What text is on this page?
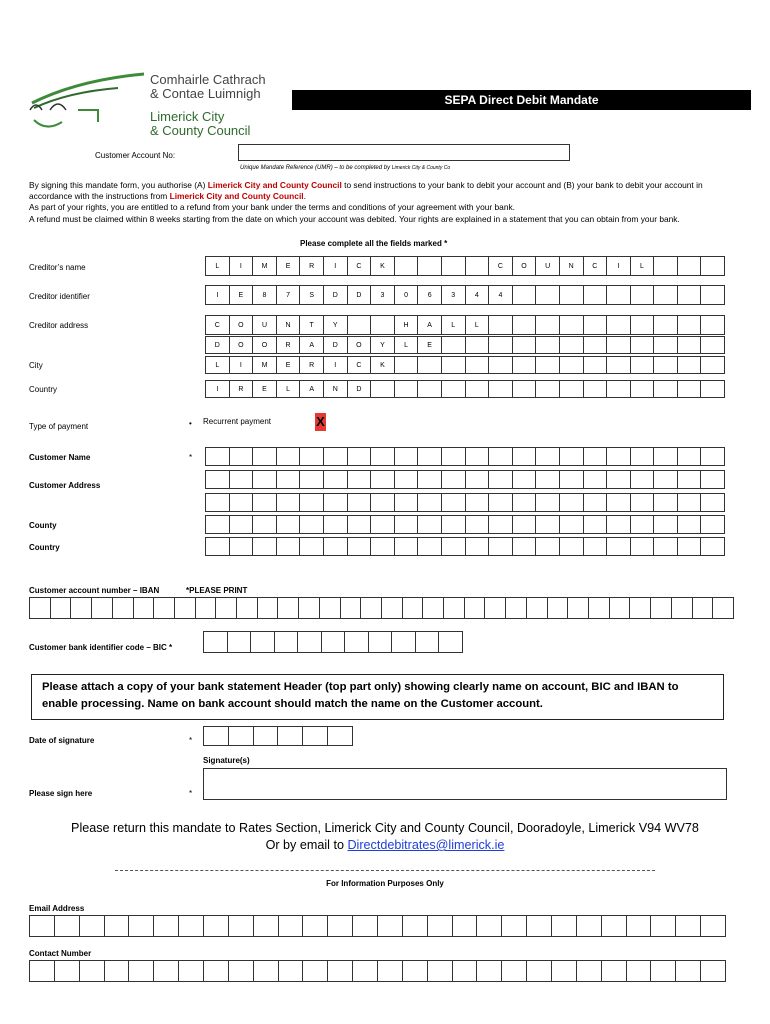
Comhairle Cathrach
& Contae Luimnigh
Limerick City
& County Council
SEPA Direct Debit Mandate
Customer Account No:
Unique Mandate Reference (UMR) – to be completed by Limerick City & County Co
By signing this mandate form, you authorise (A) Limerick City and County Council to send instructions to your bank to debit your account and (B) your bank to debit your account in accordance with the instructions from Limerick City and County Council.
As part of your rights, you are entitled to a refund from your bank under the terms and conditions of your agreement with your bank.
A refund must be claimed within 8 weeks starting from the date on which your account was debited. Your rights are explained in a statement that you can obtain from your bank.
Please complete all the fields marked *
Creditor’s name	L	I	M	E	R	I	C	K	C	O	U	N	C	I	L
Creditor identifier	I	E	8	7	S	D	D	3	0	6	3	4	4
Creditor address	C	O	U	N	T	Y	H	A	L	L
D	O	O	R	A	D	O	Y	L	E
City	L	I	M	E	R	I	C	K
Country	I	R	E	L	A	N	D
Type of payment	• Recurrent payment	X
Customer Name	*
Customer Address
County
Country
Customer account number – IBAN	*PLEASE PRINT
Customer bank identifier code – BIC *
Please attach a copy of your bank statement Header (top part only) showing clearly name on account, BIC and IBAN to enable processing. Name on bank account should match the name on the Customer account.
Date of signature	*
Signature(s)
Please sign here	*
Please return this mandate to Rates Section, Limerick City and County Council, Dooradoyle, Limerick V94 WV78
Or by email to Directdebitrates@limerick.ie
For Information Purposes Only
Email Address
Contact Number
